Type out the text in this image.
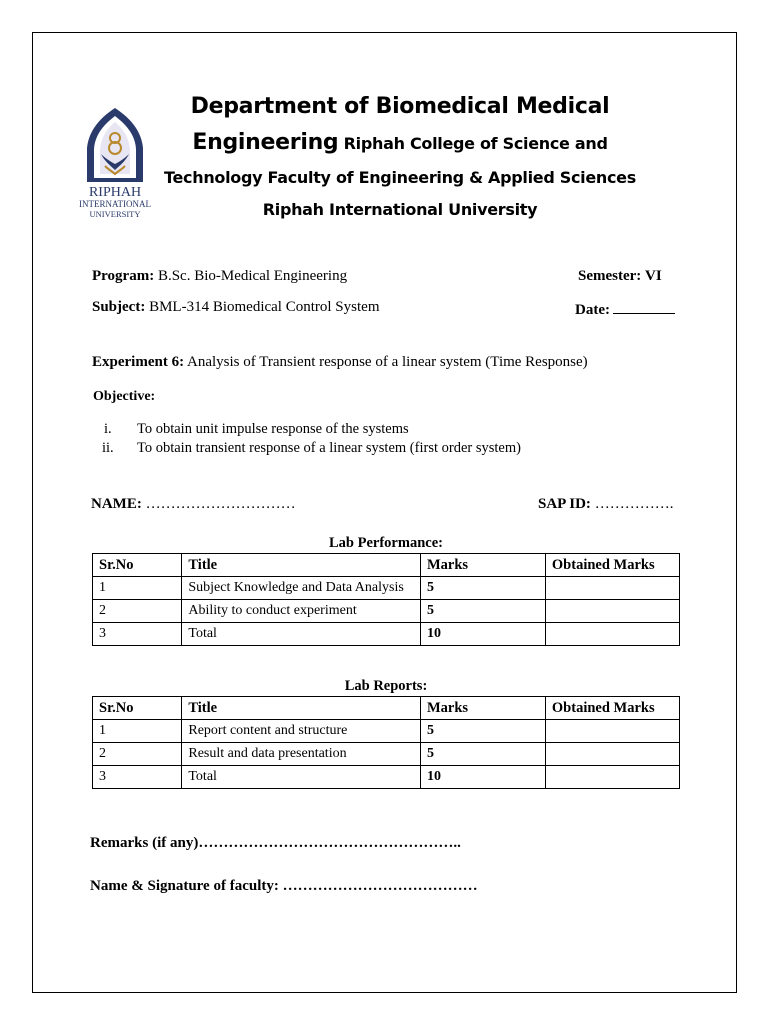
RIPHAH
INTERNATIONAL
UNIVERSITY
Department of Biomedical Medical
Engineering Riphah College of Science and
Technology Faculty of Engineering & Applied Sciences
Riphah International University
Program: B.Sc. Bio-Medical Engineering	Semester: VI
Subject: BML-314 Biomedical Control System	Date:
Experiment 6: Analysis of Transient response of a linear system (Time Response)
Objective:
i.	To obtain unit impulse response of the systems
ii.	To obtain transient response of a linear system (first order system)
NAME: …………………………	SAP ID: …………….
Lab Performance:
Sr.No	Title	Marks	Obtained Marks
1	Subject Knowledge and Data Analysis	5	
2	Ability to conduct experiment	5	
3	Total	10	
Lab Reports:
Sr.No	Title	Marks	Obtained Marks
1	Report content and structure	5	
2	Result and data presentation	5	
3	Total	10	
Remarks (if any)……………………………………………..
Name & Signature of faculty: …………………………………
